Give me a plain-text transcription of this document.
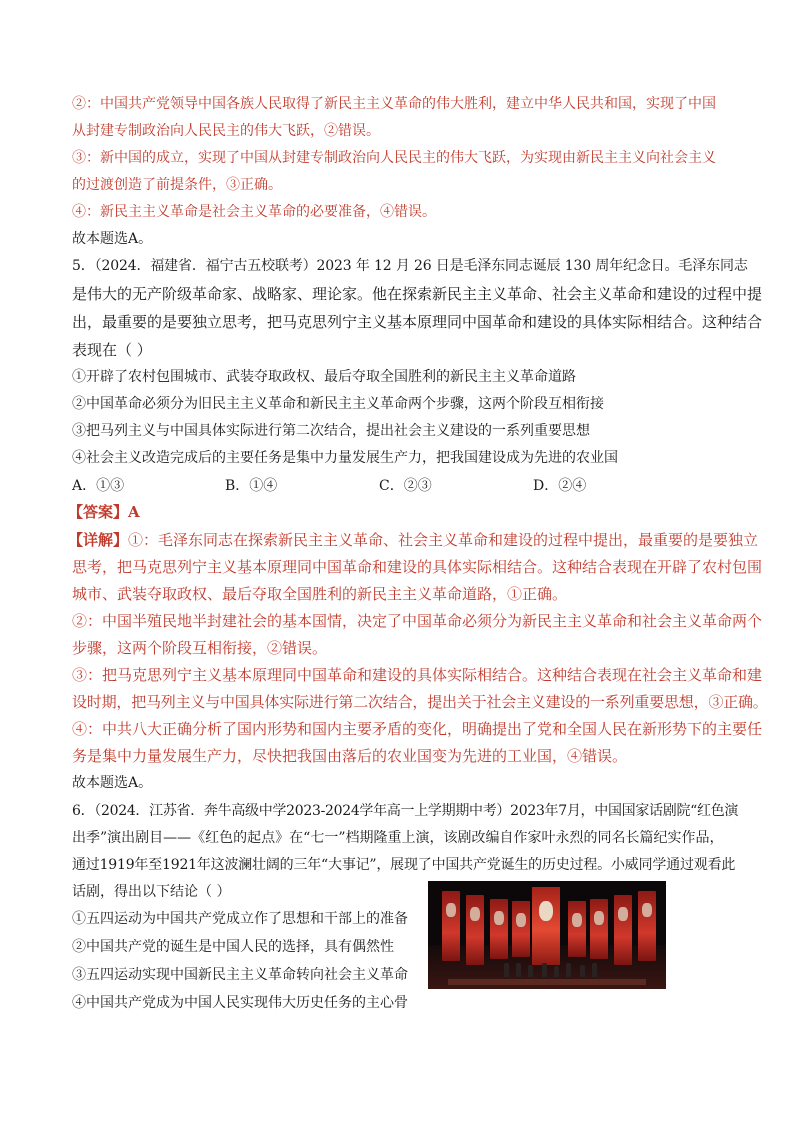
②：中国共产党领导中国各族人民取得了新民主主义革命的伟大胜利，建立中华人民共和国，实现了中国
从封建专制政治向人民民主的伟大飞跃，②错误。
③：新中国的成立，实现了中国从封建专制政治向人民民主的伟大飞跃，为实现由新民主主义向社会主义
的过渡创造了前提条件，③正确。
④：新民主主义革命是社会主义革命的必要准备，④错误。
故本题选A。
5．（2024．福建省．福宁古五校联考）2023 年 12 月 26 日是毛泽东同志诞辰 130 周年纪念日。毛泽东同志
是伟大的无产阶级革命家、战略家、理论家。他在探索新民主主义革命、社会主义革命和建设的过程中提
出，最重要的是要独立思考，把马克思列宁主义基本原理同中国革命和建设的具体实际相结合。这种结合
表现在（ ）
①开辟了农村包围城市、武装夺取政权、最后夺取全国胜利的新民主主义革命道路
②中国革命必须分为旧民主主义革命和新民主主义革命两个步骤，这两个阶段互相衔接
③把马列主义与中国具体实际进行第二次结合，提出社会主义建设的一系列重要思想
④社会主义改造完成后的主要任务是集中力量发展生产力，把我国建设成为先进的农业国
A．①③	B．①④	C．②③	D．②④
【答案】A
【详解】①：毛泽东同志在探索新民主主义革命、社会主义革命和建设的过程中提出，最重要的是要独立
思考，把马克思列宁主义基本原理同中国革命和建设的具体实际相结合。这种结合表现在开辟了农村包围
城市、武装夺取政权、最后夺取全国胜利的新民主主义革命道路，①正确。
②：中国半殖民地半封建社会的基本国情，决定了中国革命必须分为新民主主义革命和社会主义革命两个
步骤，这两个阶段互相衔接，②错误。
③：把马克思列宁主义基本原理同中国革命和建设的具体实际相结合。这种结合表现在社会主义革命和建
设时期，把马列主义与中国具体实际进行第二次结合，提出关于社会主义建设的一系列重要思想，③正确。
④：中共八大正确分析了国内形势和国内主要矛盾的变化，明确提出了党和全国人民在新形势下的主要任
务是集中力量发展生产力，尽快把我国由落后的农业国变为先进的工业国，④错误。
故本题选A。
6．（2024．江苏省．奔牛高级中学2023-2024学年高一上学期期中考）2023年7月，中国国家话剧院“红色演
出季”演出剧目——《红色的起点》在“七一”档期隆重上演，该剧改编自作家叶永烈的同名长篇纪实作品，
通过1919年至1921年这波澜壮阔的三年“大事记”，展现了中国共产党诞生的历史过程。小威同学通过观看此
话剧，得出以下结论（ ）
①五四运动为中国共产党成立作了思想和干部上的准备
②中国共产党的诞生是中国人民的选择，具有偶然性
③五四运动实现中国新民主主义革命转向社会主义革命
④中国共产党成为中国人民实现伟大历史任务的主心骨
